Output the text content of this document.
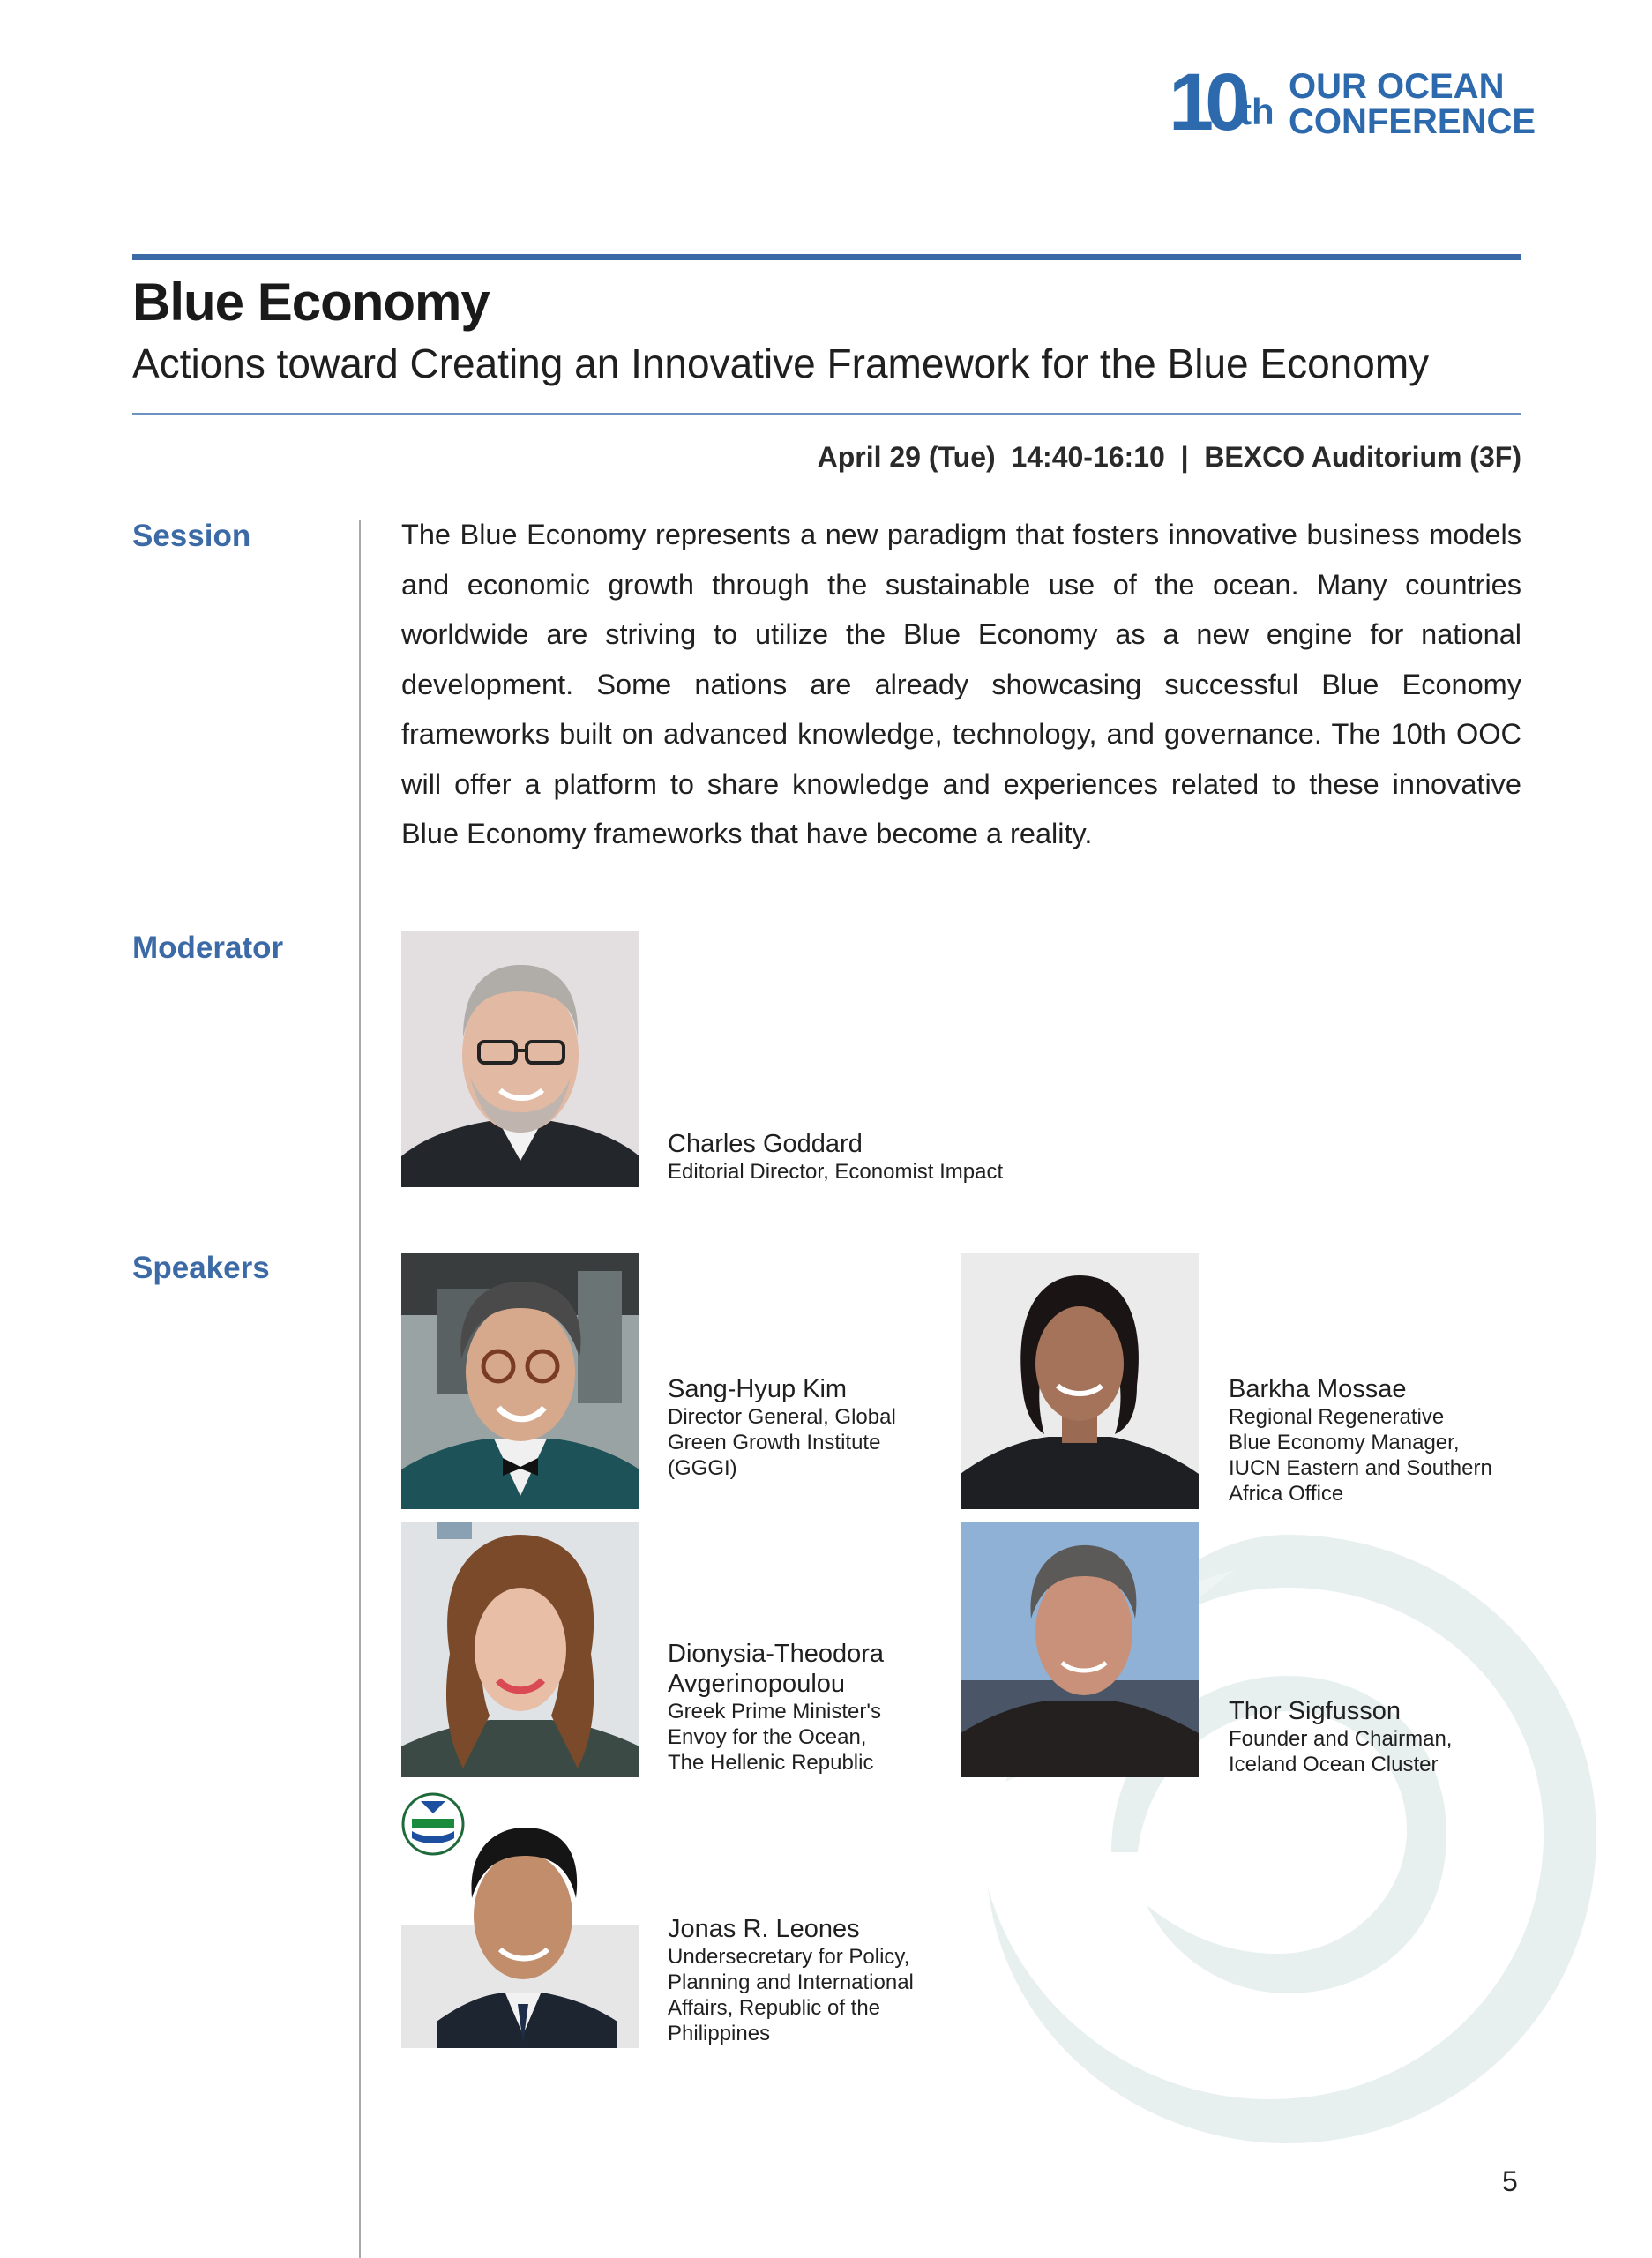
10
th
OUR OCEAN
CONFERENCE
Blue Economy
Actions toward Creating an Innovative Framework for the Blue Economy
April 29 (Tue)  14:40-16:10  |  BEXCO Auditorium (3F)
Session	The Blue Economy represents a new paradigm that fosters innovative business models and economic growth through the sustainable use of the ocean. Many countries worldwide are striving to utilize the Blue Economy as a new engine for national development. Some nations are already showcasing successful Blue Economy frameworks built on advanced knowledge, technology, and governance. The 10th OOC will offer a platform to share knowledge and experiences related to these innovative Blue Economy frameworks that have become a reality.
Moderator
Charles Goddard
Editorial Director, Economist Impact
Speakers
Sang-Hyup Kim
Director General, Global
Green Growth Institute
(GGGI)
Barkha Mossae
Regional Regenerative
Blue Economy Manager,
IUCN Eastern and Southern
Africa Office
Dionysia-Theodora
Avgerinopoulou
Greek Prime Minister's
Envoy for the Ocean,
The Hellenic Republic
Thor Sigfusson
Founder and Chairman,
Iceland Ocean Cluster
Jonas R. Leones
Undersecretary for Policy,
Planning and International
Affairs, Republic of the
Philippines
5
